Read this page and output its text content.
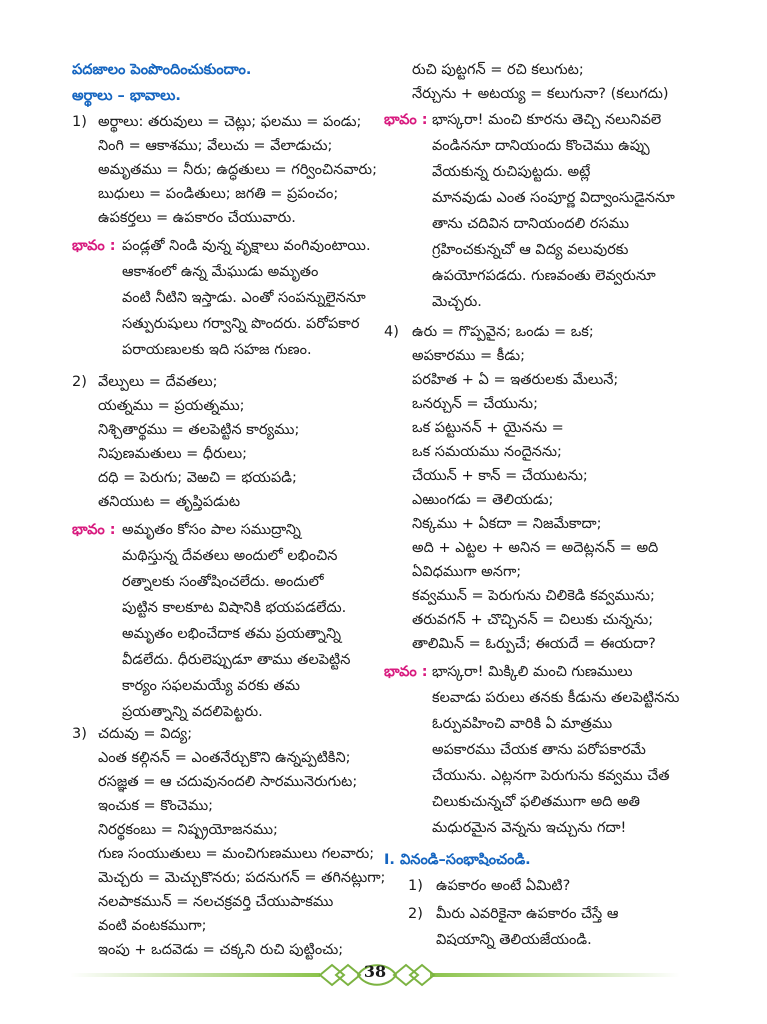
పదజాలం పెంపొందించుకుందాం.
అర్థాలు – భావాలు.
1) అర్థాలు: తరువులు = చెట్లు; ఫలము = పండు;
నింగి = ఆకాశము; వేలుచు = వేలాడుచు;
అమృతము = నీరు; ఉద్ధతులు = గర్వించినవారు;
బుధులు = పండితులు; జగతి = ప్రపంచం;
ఉపకర్తలు = ఉపకారం చేయువారు.
భావం : పండ్లతో నిండి వున్న వృక్షాలు వంగివుంటాయి.
ఆకాశంలో ఉన్న మేఘుడు అమృతం
వంటి నీటిని ఇస్తాడు. ఎంతో సంపన్నులైననూ
సత్పురుషులు గర్వాన్ని పొందరు. పరోపకార
పరాయణులకు ఇది సహజ గుణం.
2) వేల్పులు = దేవతలు;
యత్నము = ప్రయత్నము;
నిశ్చితార్థము = తలపెట్టిన కార్యము;
నిపుణమతులు = ధీరులు;
దధి = పెరుగు; వెఱచి = భయపడి;
తనియుట = తృప్తిపడుట
భావం : అమృతం కోసం పాల సముద్రాన్ని
మథిస్తున్న దేవతలు అందులో లభించిన
రత్నాలకు సంతోషించలేదు. అందులో
పుట్టిన కాలకూట విషానికి భయపడలేదు.
అమృతం లభించేదాక తమ ప్రయత్నాన్ని
వీడలేదు. ధీరులెప్పుడూ తాము తలపెట్టిన
కార్యం సఫలమయ్యే వరకు తమ
ప్రయత్నాన్ని వదలిపెట్టరు.
3) చదువు = విద్య;
ఎంత కల్గినన్ = ఎంతనేర్చుకొని ఉన్నప్పటికిని;
రసజ్ఞత = ఆ చదువునందలి సారమునెరుగుట;
ఇంచుక = కొంచెము;
నిరర్థకంబు = నిష్ప్రయోజనము;
గుణ సంయుతులు = మంచిగుణములు గలవారు;
మెచ్చరు = మెచ్చుకొనరు; పదనుగన్ = తగినట్లుగా;
నలపాకమున్ = నలచక్రవర్తి చేయుపాకము
వంటి వంటకముగా;
ఇంపు + ఒదవెడు = చక్కని రుచి పుట్టించు;
రుచి పుట్టగన్ = రచి కలుగుట;
నేర్చును + అటయ్య = కలుగునా? (కలుగదు)
భావం : భాస్కరా! మంచి కూరను తెచ్చి నలునివలె
వండిననూ దానియందు కొంచెము ఉప్పు
వేయకున్న రుచిపుట్టదు. అట్లే
మానవుడు ఎంత సంపూర్ణ విద్వాంసుడైననూ
తాను చదివిన దానియందలి రసము
గ్రహించకున్నచో ఆ విద్య వలువురకు
ఉపయోగపడదు. గుణవంతు లెవ్వరునూ
మెచ్చరు.
4) ఉరు = గొప్పవైన; ఒండు = ఒక;
అపకారము = కీడు;
పరహిత + ఏ = ఇతరులకు మేలునే;
ఒనర్చున్ = చేయును;
ఒక పట్టునన్ + యైనను =
ఒక సమయము నందైనను;
చేయున్ + కాన్ = చేయుటను;
ఎఱుంగడు = తెలియడు;
నిక్కము + ఏకదా = నిజమేకాదా;
అది + ఎట్టల + అనిన = అదెట్లనన్ = అది
ఏవిధముగా అనగా;
కవ్వమున్ = పెరుగును చిలికెడి కవ్వమును;
తరువగన్ + చొచ్చినన్ = చిలుకు చున్నను;
తాలిమిన్ = ఓర్పుచే; ఈయదే = ఈయదా?
భావం : భాస్కరా! మిక్కిలి మంచి గుణములు
కలవాడు పరులు తనకు కీడును తలపెట్టినను
ఓర్పువహించి వారికి ఏ మాత్రము
అపకారము చేయక తాను పరోపకారమే
చేయును. ఎట్లనగా పెరుగును కవ్వము చేత
చిలుకుచున్నచో ఫలితముగా అది అతి
మధురమైన వెన్నను ఇచ్చును గదా!
I. వినండి–సంభాషించండి.
1) ఉపకారం అంటే ఏమిటి?
2) మీరు ఎవరికైనా ఉపకారం చేస్తే ఆ
విషయాన్ని తెలియజేయండి.
38
